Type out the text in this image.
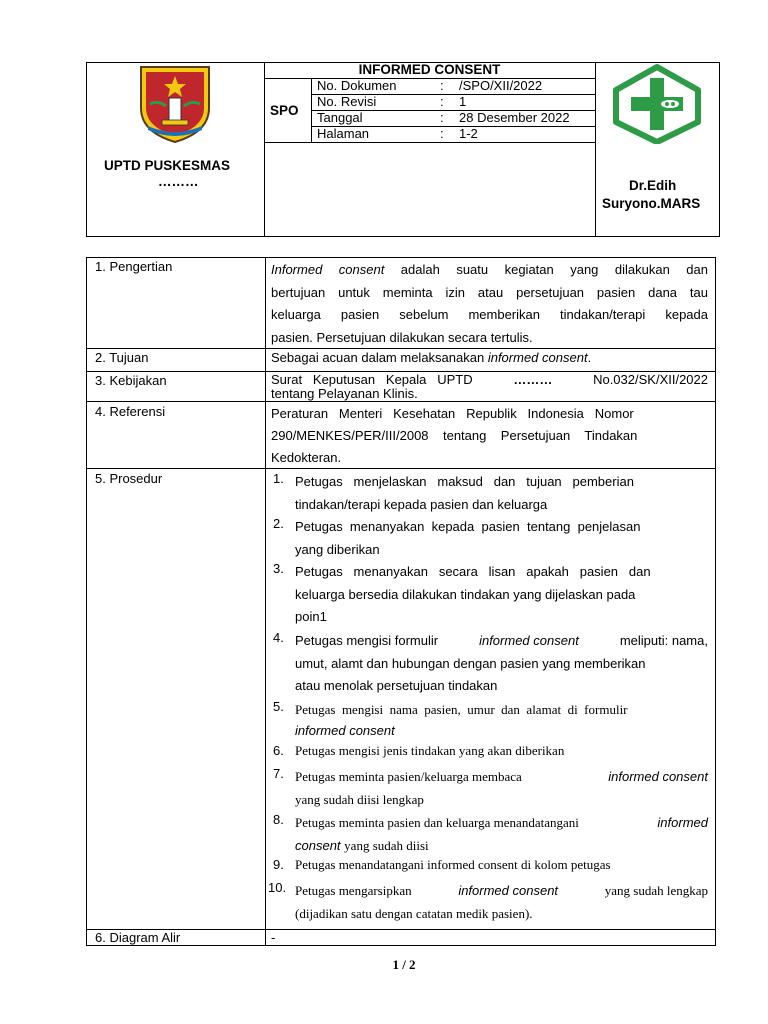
UPTD PUSKESMAS
………
INFORMED CONSENT
SPO
No. Dokumen	: /SPO/XII/2022
No. Revisi	: 1
Tanggal	: 28 Desember 2022
Halaman	: 1-2
Dr.Edih
Suryono.MARS
1. Pengertian	Informed consent adalah suatu kegiatan yang dilakukan dan
bertujuan untuk meminta izin atau persetujuan pasien dana tau
keluarga pasien sebelum memberikan tindakan/terapi kepada
pasien. Persetujuan dilakukan secara tertulis.
2. Tujuan	Sebagai acuan dalam melaksanakan informed consent.
3. Kebijakan	Surat   Keputusan   Kepala   UPTD	………	No.032/SK/XII/2022
tentang Pelayanan Klinis.
4. Referensi	Peraturan   Menteri   Kesehatan   Republik   Indonesia   Nomor
290/MENKES/PER/III/2008    tentang    Persetujuan    Tindakan
Kedokteran.
5. Prosedur	1. Petugas   menjelaskan   maksud   dan   tujuan   pemberian
tindakan/terapi kepada pasien dan keluarga
2. Petugas  menanyakan  kepada  pasien  tentang  penjelasan
yang diberikan
3. Petugas   menanyakan   secara   lisan   apakah   pasien   dan
keluarga bersedia dilakukan tindakan yang dijelaskan pada
poin1
4. Petugas mengisi formulir	informed consent	meliputi: nama,
umut, alamt dan hubungan dengan pasien yang memberikan
atau menolak persetujuan tindakan
5. Petugas  mengisi  nama  pasien,  umur  dan  alamat  di  formulir
informed consent
6. Petugas mengisi jenis tindakan yang akan diberikan
7. Petugas meminta pasien/keluarga membaca	informed consent
yang sudah diisi lengkap
8. Petugas meminta pasien dan keluarga menandatangani	informed
consent yang sudah diisi
9. Petugas menandatangani informed consent di kolom petugas
10. Petugas mengarsipkan	informed consent	yang sudah lengkap
(dijadikan satu dengan catatan medik pasien).
6. Diagram Alir	-
1 / 2
